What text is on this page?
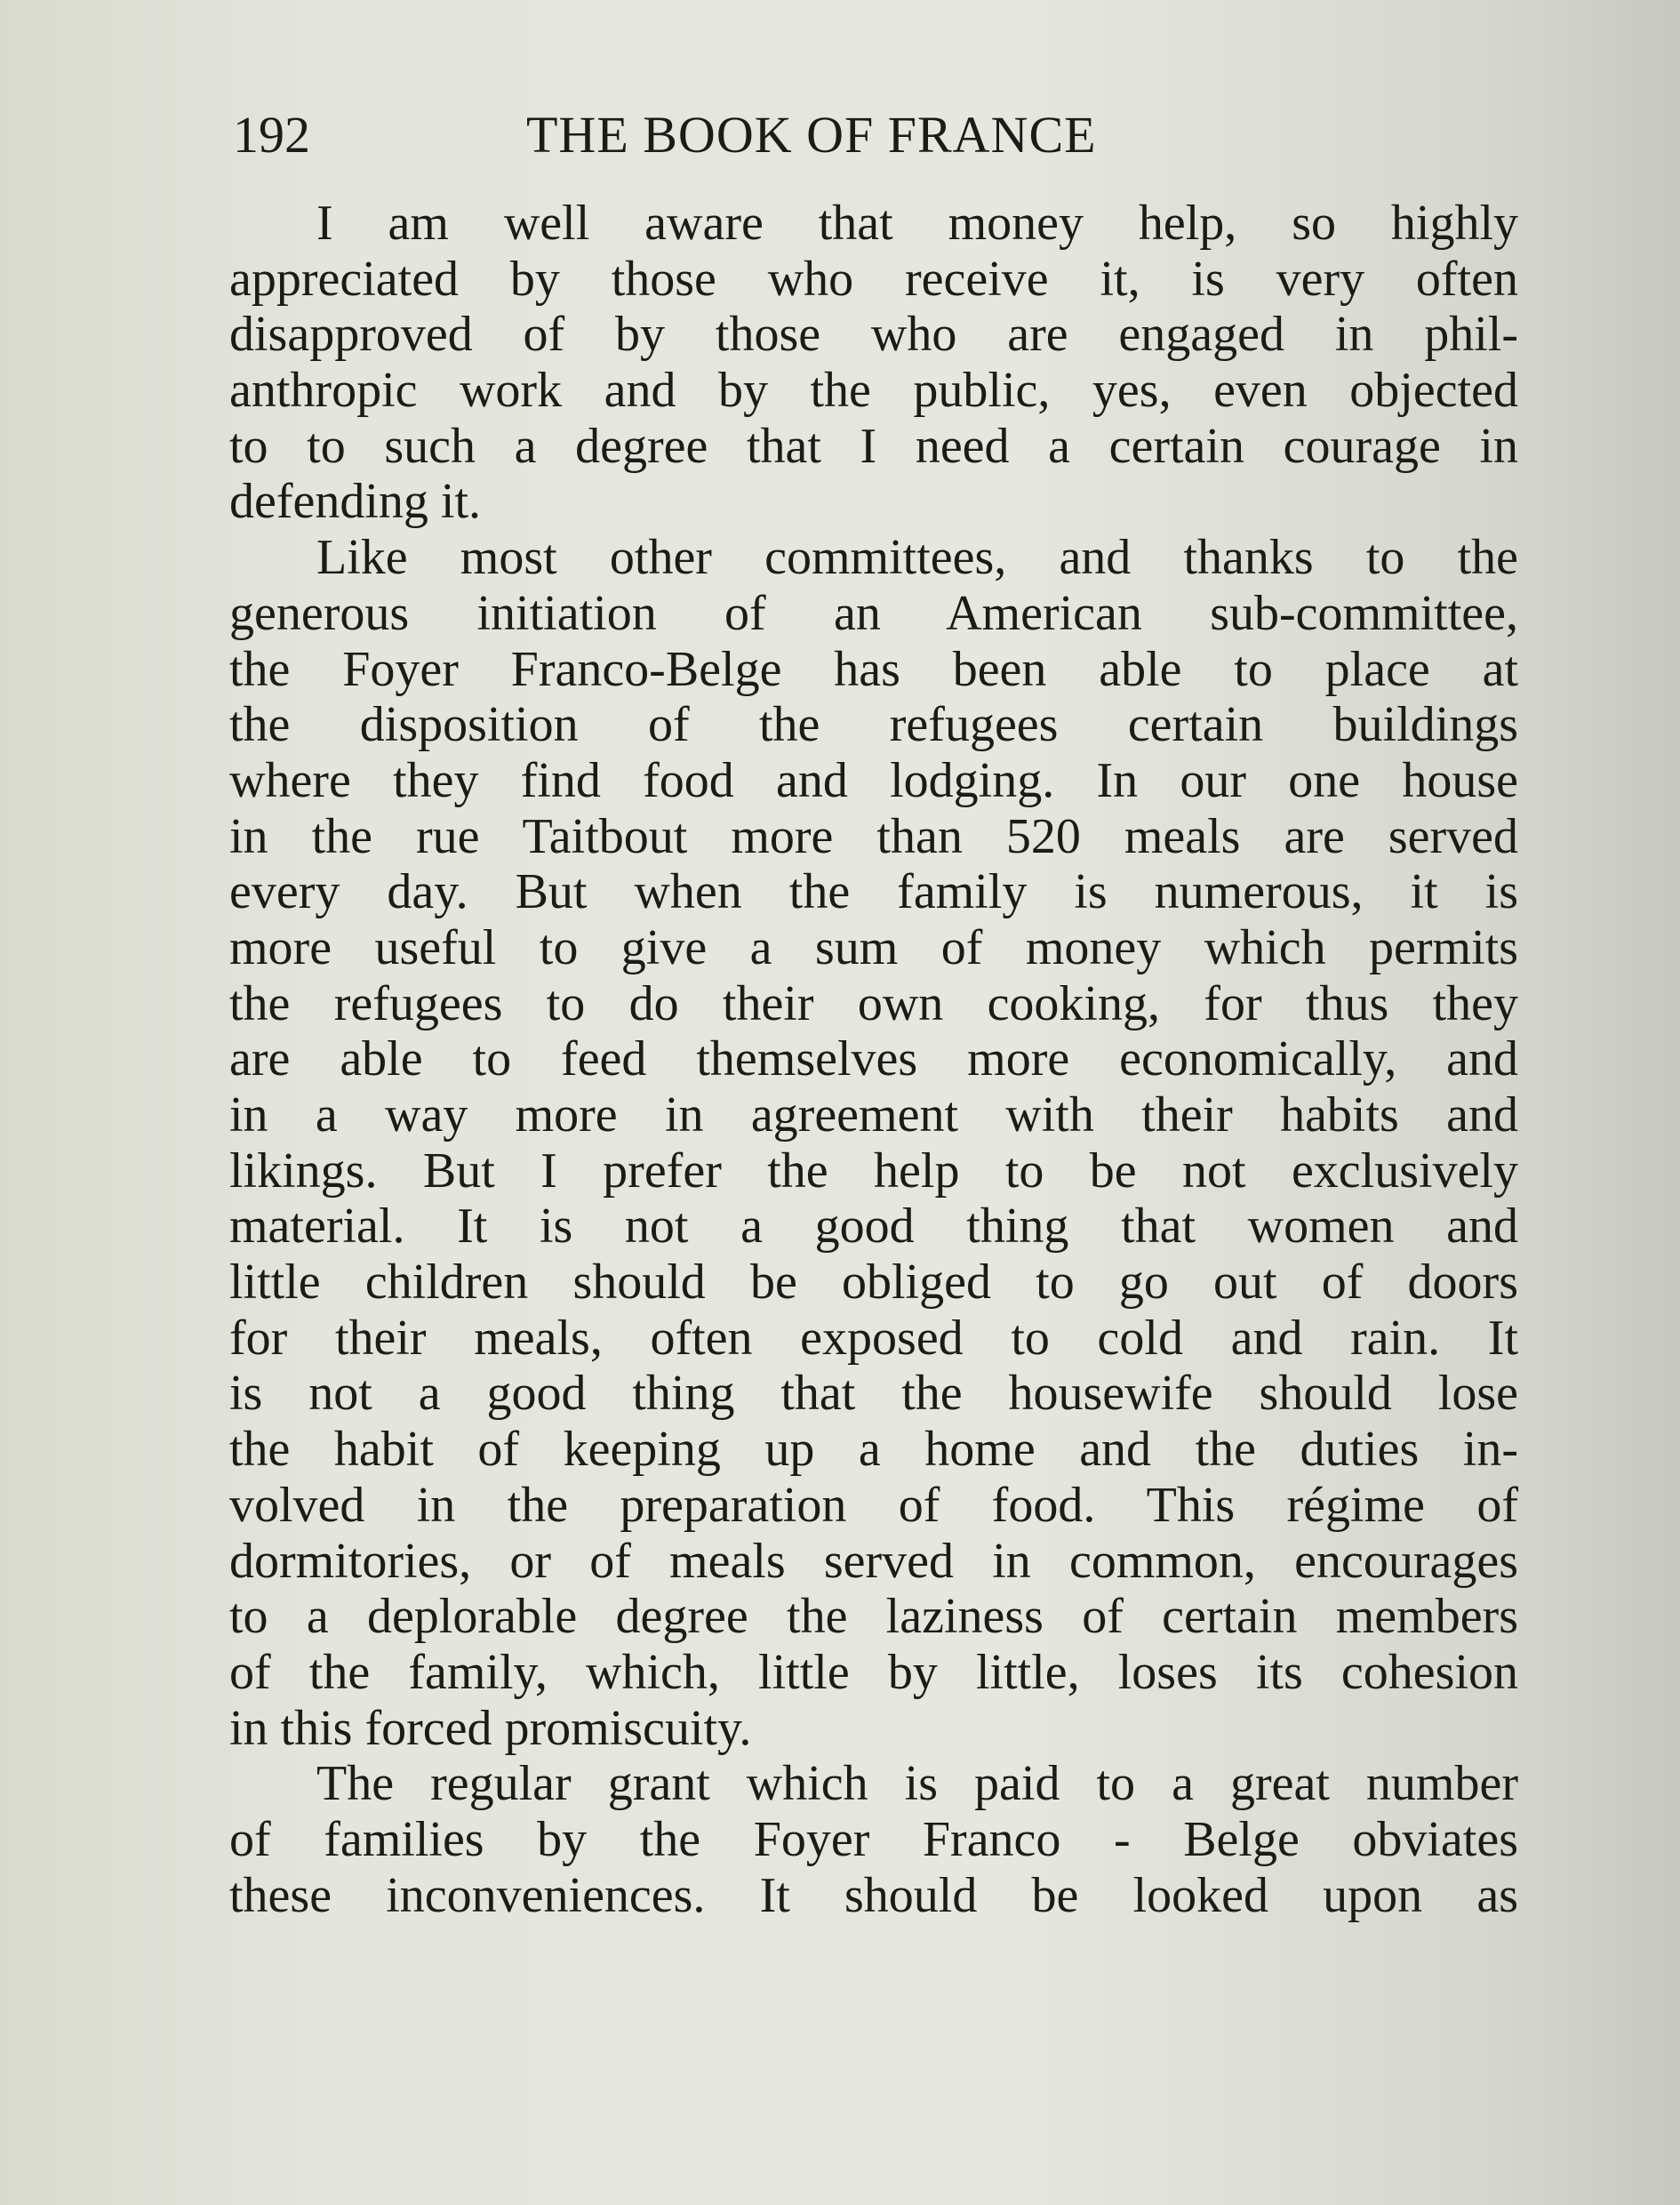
192	THE BOOK OF FRANCE
I am well aware that money help, so highly
appreciated by those who receive it, is very often
disapproved of by those who are engaged in phil-
anthropic work and by the public, yes, even objected
to to such a degree that I need a certain courage in
defending it.
Like most other committees, and thanks to the
generous initiation of an American sub-committee,
the Foyer Franco-Belge has been able to place at
the disposition of the refugees certain buildings
where they find food and lodging. In our one house
in the rue Taitbout more than 520 meals are served
every day. But when the family is numerous, it is
more useful to give a sum of money which permits
the refugees to do their own cooking, for thus they
are able to feed themselves more economically, and
in a way more in agreement with their habits and
likings. But I prefer the help to be not exclusively
material. It is not a good thing that women and
little children should be obliged to go out of doors
for their meals, often exposed to cold and rain. It
is not a good thing that the housewife should lose
the habit of keeping up a home and the duties in-
volved in the preparation of food. This régime of
dormitories, or of meals served in common, encourages
to a deplorable degree the laziness of certain members
of the family, which, little by little, loses its cohesion
in this forced promiscuity.
The regular grant which is paid to a great number
of families by the Foyer Franco - Belge obviates
these inconveniences. It should be looked upon as
